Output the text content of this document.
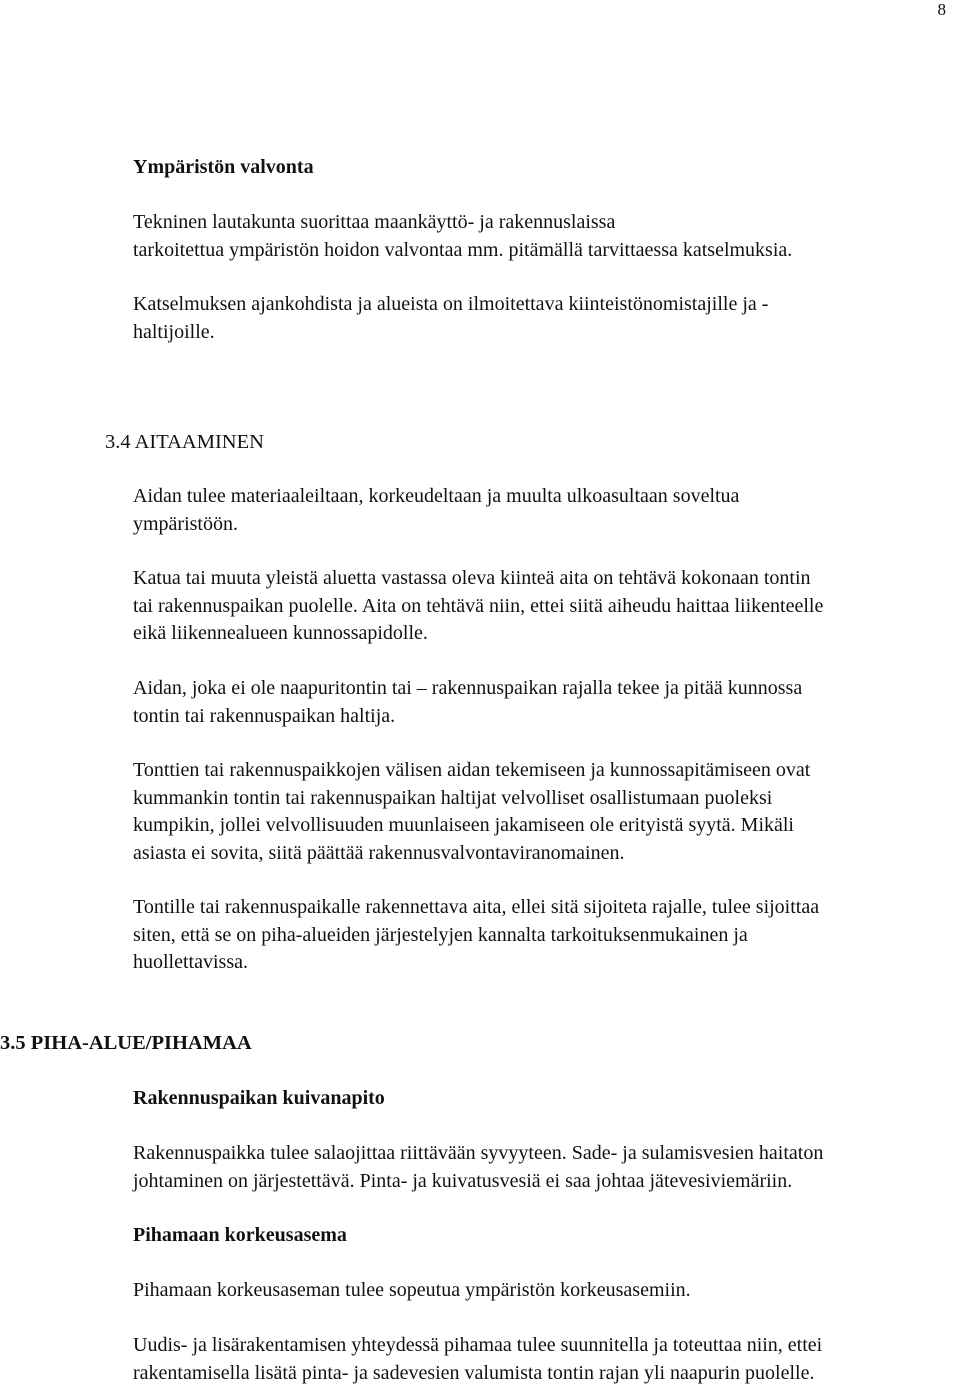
8
Ympäristön valvonta
Tekninen lautakunta suorittaa maankäyttö- ja rakennuslaissa
tarkoitettua ympäristön hoidon valvontaa mm. pitämällä tarvittaessa katselmuksia.
Katselmuksen ajankohdista ja alueista on ilmoitettava kiinteistönomistajille ja -
haltijoille.
3.4 AITAAMINEN
Aidan tulee materiaaleiltaan, korkeudeltaan ja muulta ulkoasultaan soveltua
ympäristöön.
Katua tai muuta yleistä aluetta vastassa oleva kiinteä aita on tehtävä kokonaan tontin
tai rakennuspaikan puolelle. Aita on tehtävä niin, ettei siitä aiheudu haittaa liikenteelle
eikä liikennealueen kunnossapidolle.
Aidan, joka ei ole naapuritontin tai – rakennuspaikan rajalla tekee ja pitää kunnossa
tontin tai rakennuspaikan haltija.
Tonttien tai rakennuspaikkojen välisen aidan tekemiseen ja kunnossapitämiseen ovat
kummankin tontin tai rakennuspaikan haltijat velvolliset osallistumaan puoleksi
kumpikin, jollei velvollisuuden muunlaiseen jakamiseen ole erityistä syytä. Mikäli
asiasta ei sovita, siitä päättää rakennusvalvontaviranomainen.
Tontille tai rakennuspaikalle rakennettava aita, ellei sitä sijoiteta rajalle, tulee sijoittaa
siten, että se on piha-alueiden järjestelyjen kannalta tarkoituksenmukainen ja
huollettavissa.
3.5 PIHA-ALUE/PIHAMAA
Rakennuspaikan kuivanapito
Rakennuspaikka tulee salaojittaa riittävään syvyyteen. Sade- ja sulamisvesien haitaton
johtaminen on järjestettävä. Pinta- ja kuivatusvesiä ei saa johtaa jätevesiviemäriin.
Pihamaan korkeusasema
Pihamaan korkeusaseman tulee sopeutua ympäristön korkeusasemiin.
Uudis- ja lisärakentamisen yhteydessä pihamaa tulee suunnitella ja toteuttaa niin, ettei
rakentamisella lisätä pinta- ja sadevesien valumista tontin rajan yli naapurin puolelle.
